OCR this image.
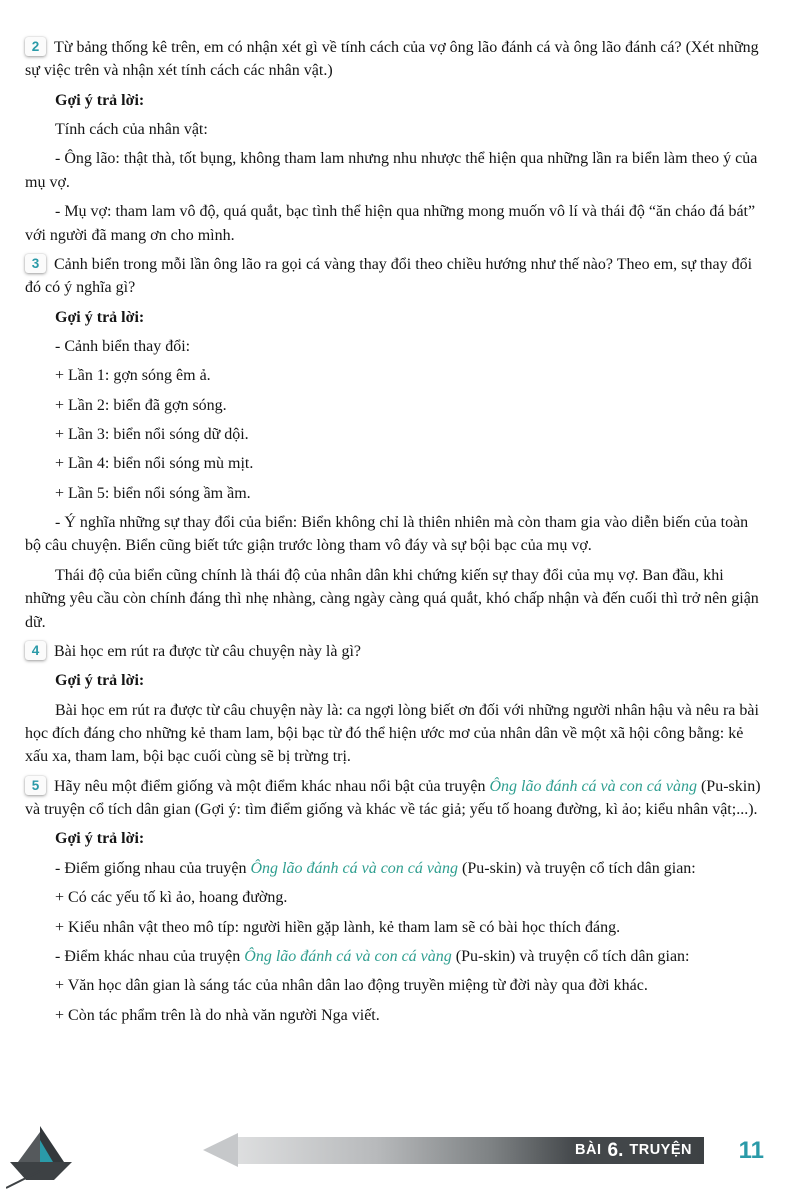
2 Từ bảng thống kê trên, em có nhận xét gì về tính cách của vợ ông lão đánh cá và ông lão đánh cá? (Xét những sự việc trên và nhận xét tính cách các nhân vật.)

Gợi ý trả lời:

Tính cách của nhân vật:

- Ông lão: thật thà, tốt bụng, không tham lam nhưng nhu nhược thể hiện qua những lần ra biển làm theo ý của mụ vợ.

- Mụ vợ: tham lam vô độ, quá quắt, bạc tình thể hiện qua những mong muốn vô lí và thái độ “ăn cháo đá bát” với người đã mang ơn cho mình.

3 Cảnh biển trong mỗi lần ông lão ra gọi cá vàng thay đổi theo chiều hướng như thế nào? Theo em, sự thay đổi đó có ý nghĩa gì?

Gợi ý trả lời:

- Cảnh biển thay đổi:

+ Lần 1: gợn sóng êm ả.

+ Lần 2: biển đã gợn sóng.

+ Lần 3: biển nổi sóng dữ dội.

+ Lần 4: biển nổi sóng mù mịt.

+ Lần 5: biển nổi sóng ầm ầm.

- Ý nghĩa những sự thay đổi của biển: Biển không chỉ là thiên nhiên mà còn tham gia vào diễn biến của toàn bộ câu chuyện. Biển cũng biết tức giận trước lòng tham vô đáy và sự bội bạc của mụ vợ.

Thái độ của biển cũng chính là thái độ của nhân dân khi chứng kiến sự thay đổi của mụ vợ. Ban đầu, khi những yêu cầu còn chính đáng thì nhẹ nhàng, càng ngày càng quá quắt, khó chấp nhận và đến cuối thì trở nên giận dữ.

4 Bài học em rút ra được từ câu chuyện này là gì?

Gợi ý trả lời:

Bài học em rút ra được từ câu chuyện này là: ca ngợi lòng biết ơn đối với những người nhân hậu và nêu ra bài học đích đáng cho những kẻ tham lam, bội bạc từ đó thể hiện ước mơ của nhân dân về một xã hội công bằng: kẻ xấu xa, tham lam, bội bạc cuối cùng sẽ bị trừng trị.

5 Hãy nêu một điểm giống và một điểm khác nhau nổi bật của truyện Ông lão đánh cá và con cá vàng (Pu-skin) và truyện cổ tích dân gian (Gợi ý: tìm điểm giống và khác về tác giả; yếu tố hoang đường, kì ảo; kiểu nhân vật;...).

Gợi ý trả lời:

- Điểm giống nhau của truyện Ông lão đánh cá và con cá vàng (Pu-skin) và truyện cổ tích dân gian:

+ Có các yếu tố kì ảo, hoang đường.

+ Kiểu nhân vật theo mô típ: người hiền gặp lành, kẻ tham lam sẽ có bài học thích đáng.

- Điểm khác nhau của truyện Ông lão đánh cá và con cá vàng (Pu-skin) và truyện cổ tích dân gian:

+ Văn học dân gian là sáng tác của nhân dân lao động truyền miệng từ đời này qua đời khác.

+ Còn tác phẩm trên là do nhà văn người Nga viết.

BÀI 6. TRUYỆN 11
